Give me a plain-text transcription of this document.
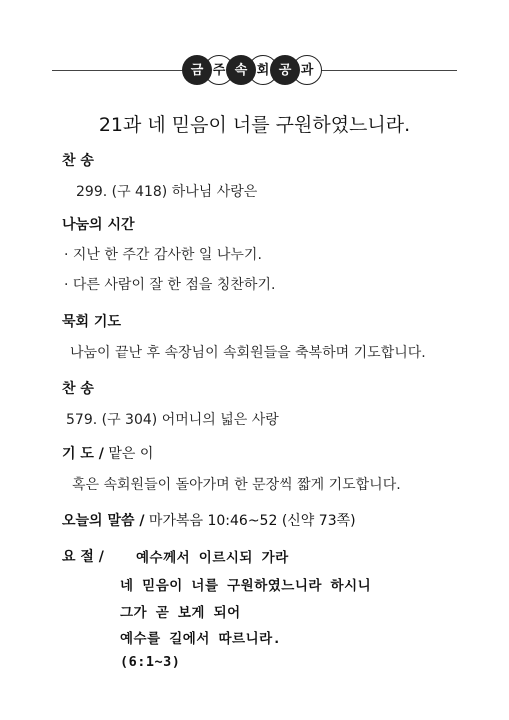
금 주 속 회 공 과
21과 네 믿음이 너를 구원하였느니라.
찬 송
299. (구 418) 하나님 사랑은
나눔의 시간
· 지난 한 주간 감사한 일 나누기.
· 다른 사람이 잘 한 점을 칭찬하기.
묵회 기도
나눔이 끝난 후 속장님이 속회원들을 축복하며 기도합니다.
찬 송
579. (구 304) 어머니의 넓은 사랑
기 도 / 맡은 이
혹은 속회원들이 돌아가며 한 문장씩 짧게 기도합니다.
오늘의 말씀 / 마가복음 10:46~52 (신약 73쪽)
요 절 / 예수께서 이르시되 가라
네 믿음이 너를 구원하였느니라 하시니
그가 곧 보게 되어
예수를 길에서 따르니라.
(6:1~3)
